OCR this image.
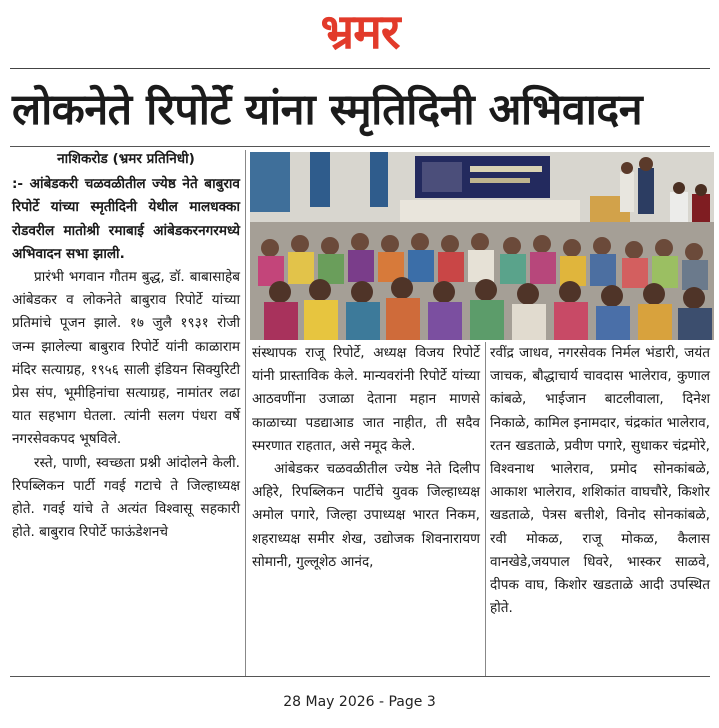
भ्रमर
लोकनेते रिपोर्टे यांना स्मृतिदिनी अभिवादन
नाशिकरोड (भ्रमर प्रतिनिधी)

:- आंबेडकरी चळवळीतील ज्येष्ठ नेते बाबुराव रिपोर्टे यांच्या स्मृतीदिनी येथील मालधक्का रोडवरील मातोश्री रमाबाई आंबेडकरनगरमध्ये अभिवादन सभा झाली.

प्रारंभी भगवान गौतम बुद्ध, डॉ. बाबासाहेब आंबेडकर व लोकनेते बाबुराव रिपोर्टे यांच्या प्रतिमांचे पूजन झाले. १७ जुलै १९३१ रोजी जन्म झालेल्या बाबुराव रिपोर्टे यांनी काळाराम मंदिर सत्याग्रह, १९५६ साली इंडियन सिक्युरिटी प्रेस संप, भूमीहिनांचा सत्याग्रह, नामांतर लढा यात सहभाग घेतला. त्यांनी सलग पंधरा वर्षे नगरसेवकपद भूषविले.

रस्ते, पाणी, स्वच्छता प्रश्नी आंदोलने केली. रिपब्लिकन पार्टी गवई गटाचे ते जिल्हाध्यक्ष होते. गवई यांचे ते अत्यंत विश्वासू सहकारी होते. बाबुराव रिपोर्टे फाऊंडेशनचे

संस्थापक राजू रिपोर्टे, अध्यक्ष विजय रिपोर्टे यांनी प्रास्ताविक केले. मान्यवरांनी रिपोर्टे यांच्या आठवणींना उजाळा देताना महान माणसे काळाच्या पडद्याआड जात नाहीत, ती सदैव स्मरणात राहतात, असे नमूद केले.

आंबेडकर चळवळीतील ज्येष्ठ नेते दिलीप अहिरे, रिपब्लिकन पार्टीचे युवक जिल्हाध्यक्ष अमोल पगारे, जिल्हा उपाध्यक्ष भारत निकम, शहराध्यक्ष समीर शेख, उद्योजक शिवनारायण सोमानी, गुल्लूशेठ आनंद,

रवींद्र जाधव, नगरसेवक निर्मल भंडारी, जयंत जाचक, बौद्धाचार्य चावदास भालेराव, कुणाल कांबळे, भाईजान बाटलीवाला, दिनेश निकाळे, कामिल इनामदार, चंद्रकांत भालेराव, रतन खडताळे, प्रवीण पगारे, सुधाकर चंद्रमोरे, विश्वनाथ भालेराव, प्रमोद सोनकांबळे, आकाश भालेराव, शशिकांत वाघचौरे, किशोर खडताळे, पेत्रस बत्तीशे, विनोद सोनकांबळे, रवी मोकळ, राजू मोकळ, कैलास वानखेडे,जयपाल धिवरे, भास्कर साळवे, दीपक वाघ, किशोर खडताळे आदी उपस्थित होते.

28 May 2026 - Page 3
